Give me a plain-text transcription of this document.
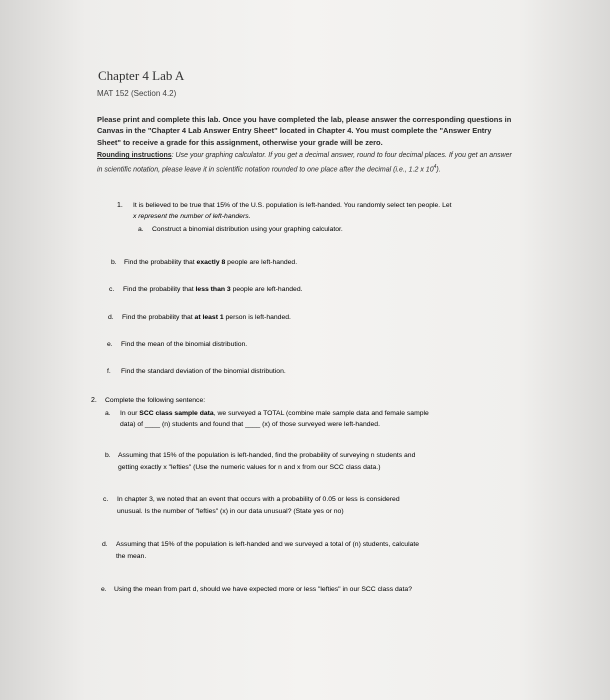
Chapter 4 Lab A
MAT 152 (Section 4.2)
Please print and complete this lab. Once you have completed the lab, please answer the corresponding questions in Canvas in the "Chapter 4 Lab Answer Entry Sheet" located in Chapter 4. You must complete the "Answer Entry Sheet" to receive a grade for this assignment, otherwise your grade will be zero.
Rounding instructions: Use your graphing calculator. If you get a decimal answer, round to four decimal places. If you get an answer in scientific notation, please leave it in scientific notation rounded to one place after the decimal (i.e., 1.2 x $10^4$).
1. It is believed to be true that 15% of the U.S. population is left-handed. You randomly select ten people. Let
x represent the number of left-handers.
a. Construct a binomial distribution using your graphing calculator.
b. Find the probability that exactly 8 people are left-handed.
c. Find the probability that less than 3 people are left-handed.
d. Find the probability that at least 1 person is left-handed.
e. Find the mean of the binomial distribution.
f. Find the standard deviation of the binomial distribution.
2. Complete the following sentence:
a. In our SCC class sample data, we surveyed a TOTAL (combine male sample data and female sample
data) of ____ (n) students and found that ____ (x) of those surveyed were left-handed.
b. Assuming that 15% of the population is left-handed, find the probability of surveying n students and
getting exactly x "lefties" (Use the numeric values for n and x from our SCC class data.)
c. In chapter 3, we noted that an event that occurs with a probability of 0.05 or less is considered
unusual. Is the number of "lefties" (x) in our data unusual? (State yes or no)
d. Assuming that 15% of the population is left-handed and we surveyed a total of (n) students, calculate
the mean.
e. Using the mean from part d, should we have expected more or less "lefties" in our SCC class data?
